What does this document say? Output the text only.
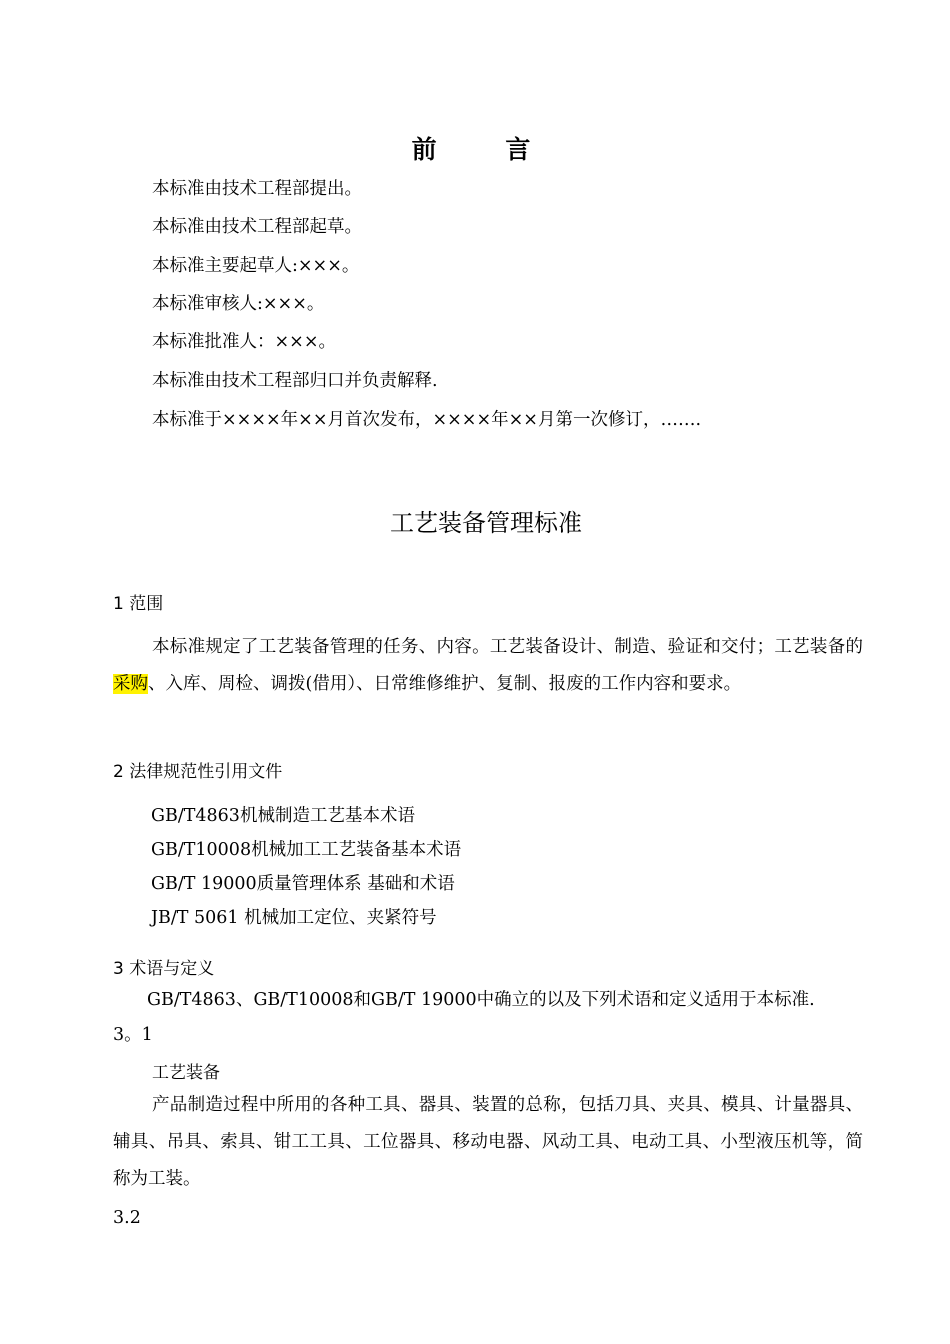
前 言
本标准由技术工程部提出。
本标准由技术工程部起草。
本标准主要起草人:×××。
本标准审核人:×××。
本标准批准人：×××。
本标准由技术工程部归口并负责解释.
本标准于××××年××月首次发布，××××年××月第一次修订，…….
工艺装备管理标准
1 范围
本标准规定了工艺装备管理的任务、内容。工艺装备设计、制造、验证和交付；工艺装备的采购、入库、周检、调拨(借用）、日常维修维护、复制、报废的工作内容和要求。
2 法律规范性引用文件
GB/T4863机械制造工艺基本术语
GB/T10008机械加工工艺装备基本术语
GB/T 19000质量管理体系 基础和术语
JB/T 5061 机械加工定位、夹紧符号
3 术语与定义
GB/T4863、GB/T10008和GB/T 19000中确立的以及下列术语和定义适用于本标准.
3。1
工艺装备
产品制造过程中所用的各种工具、器具、装置的总称，包括刀具、夹具、模具、计量器具、辅具、吊具、索具、钳工工具、工位器具、移动电器、风动工具、电动工具、小型液压机等，简称为工装。
3.2
